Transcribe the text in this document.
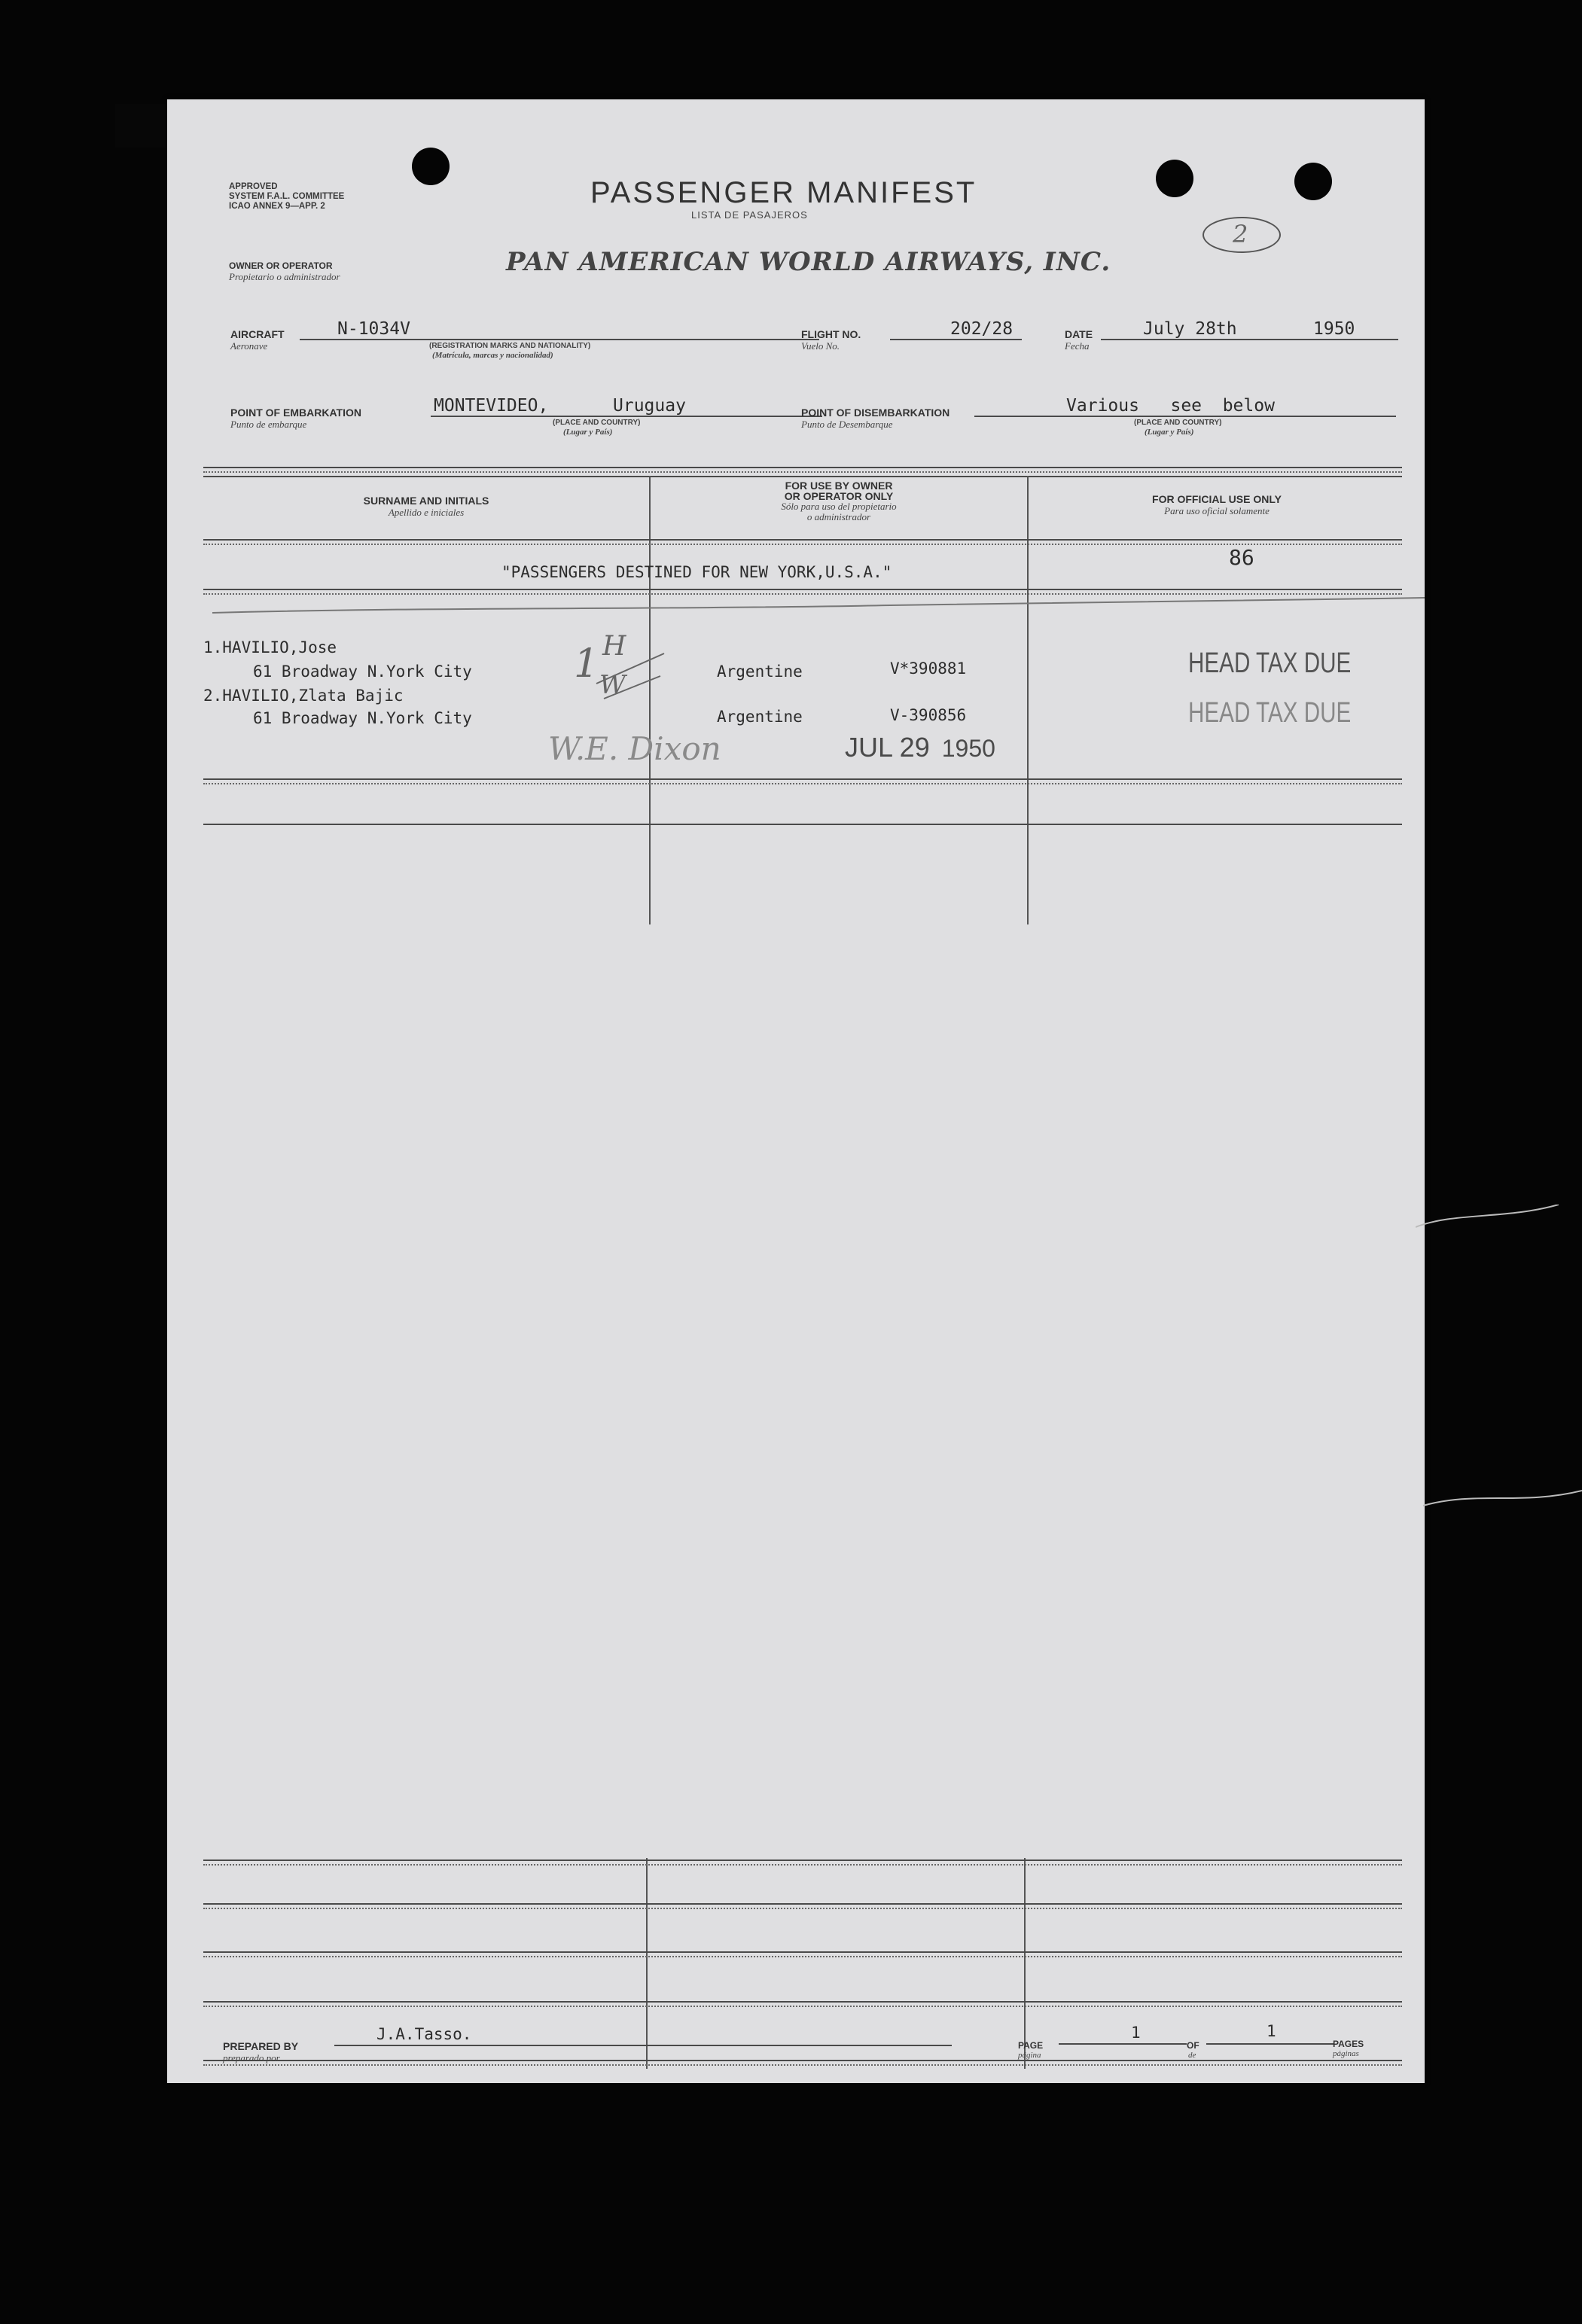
APPROVED
SYSTEM F.A.L. COMMITTEE
ICAO ANNEX 9—APP. 2	PASSENGER MANIFEST
LISTA DE PASAJEROS
2
OWNER OR OPERATOR
Propietario o administrador	PAN AMERICAN WORLD AIRWAYS, INC.
AIRCRAFT
Aeronave
N-1034V
(REGISTRATION MARKS AND NATIONALITY)
(Matrícula, marcas y nacionalidad)
FLIGHT NO.
Vuelo No.
202/28	DATE
Fecha
July 28th	1950
POINT OF EMBARKATION
Punto de embarque
MONTEVIDEO,	Uruguay
(PLACE AND COUNTRY)
(Lugar y País)
POINT OF DISEMBARKATION
Punto de Desembarque
Various   see  below
(PLACE AND COUNTRY)
(Lugar y País)
SURNAME AND INITIALS
Apellido e iniciales
FOR USE BY OWNER
OR OPERATOR ONLY
Sólo para uso del propietario
o administrador
FOR OFFICIAL USE ONLY
Para uso oficial solamente
"PASSENGERS DESTINED FOR NEW YORK,U.S.A."
86
1.HAVILIO,Jose
61 Broadway N.York City	Argentine	V*390881	HEAD TAX DUE
2.HAVILIO,Zlata Bajic
61 Broadway N.York City	Argentine	V-390856	HEAD TAX DUE
1 H
W
W.E. Dixon	JUL 29 1950
PREPARED BY
preparado por
J.A.Tasso.
PAGE
página
1
OF
de
1
PAGES
páginas
